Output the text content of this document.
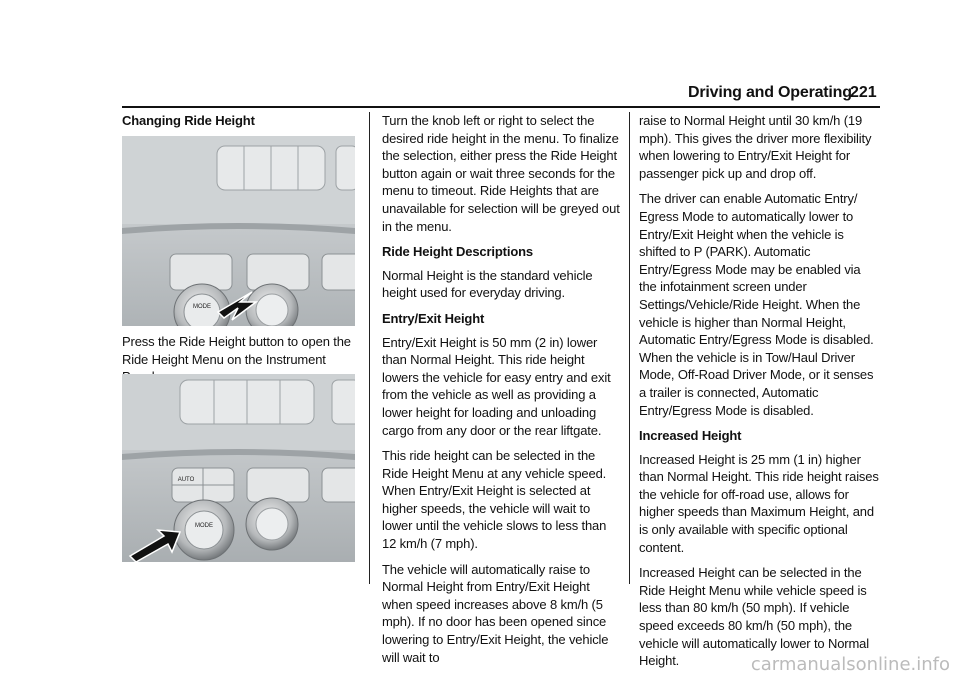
Driving and Operating
221

Changing Ride Height

MODE

Press the Ride Height button to open the Ride Height Menu on the Instrument

AUTO
MODE

Turn the knob left or right to select the desired ride height in the menu. To finalize the selection, either press the Ride Height button again or wait three seconds for the menu to timeout. Ride Heights that are unavailable for selection will be greyed out in the menu.

Ride Height Descriptions

Normal Height is the standard vehicle height used for everyday driving.

Entry/Exit Height

Entry/Exit Height is 50 mm (2 in) lower than Normal Height. This ride height lowers the vehicle for easy entry and exit from the vehicle as well as providing a lower height for loading and unloading cargo from any door or the rear liftgate.

This ride height can be selected in the Ride Height Menu at any vehicle speed. When Entry/Exit Height is selected at higher speeds, the vehicle will wait to lower until the vehicle slows to less than 12 km/h (7 mph).

The vehicle will automatically raise to Normal Height from Entry/Exit Height when speed increases above 8 km/h (5 mph). If no door has been opened since lowering to Entry/Exit Height, the vehicle will wait to

raise to Normal Height until 30 km/h (19 mph). This gives the driver more flexibility when lowering to Entry/Exit Height for passenger pick up and drop off.

The driver can enable Automatic Entry/ Egress Mode to automatically lower to Entry/Exit Height when the vehicle is shifted to P (PARK). Automatic Entry/Egress Mode may be enabled via the infotainment screen under Settings/Vehicle/Ride Height. When the vehicle is higher than Normal Height, Automatic Entry/Egress Mode is disabled. When the vehicle is in Tow/Haul Driver Mode, Off-Road Driver Mode, or it senses a trailer is connected, Automatic Entry/Egress Mode is disabled.

Increased Height

Increased Height is 25 mm (1 in) higher than Normal Height. This ride height raises the vehicle for off-road use, allows for higher speeds than Maximum Height, and is only available with specific optional content.

Increased Height can be selected in the Ride Height Menu while vehicle speed is less than 80 km/h (50 mph). If vehicle speed exceeds 80 km/h (50 mph), the vehicle will automatically lower to Normal Height.	carmanualsonline.info
